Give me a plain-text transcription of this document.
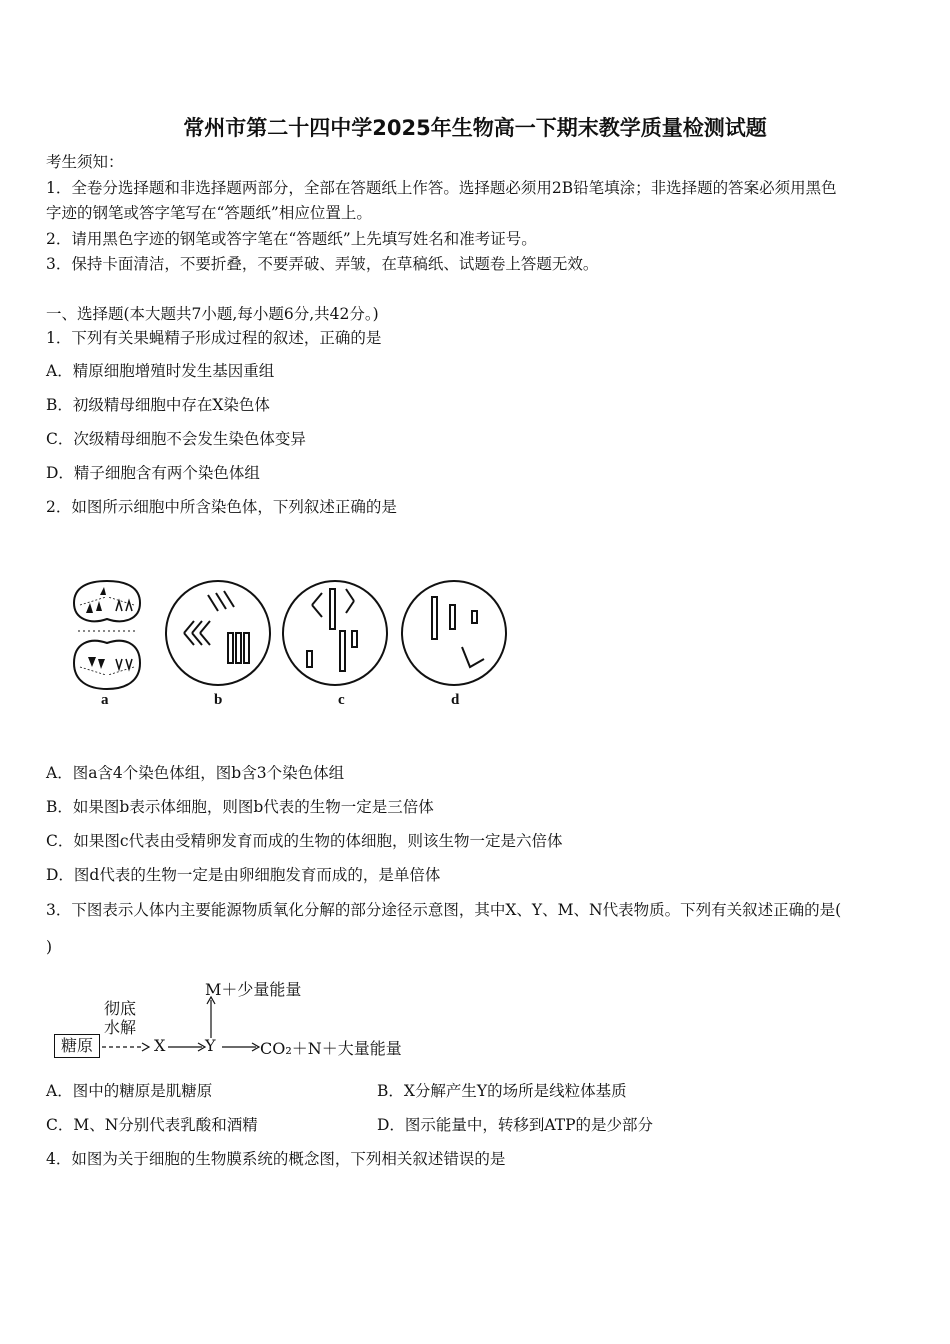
常州市第二十四中学2025年生物高一下期末教学质量检测试题
考生须知：
1．全卷分选择题和非选择题两部分，全部在答题纸上作答。选择题必须用2B铅笔填涂；非选择题的答案必须用黑色
字迹的钢笔或答字笔写在“答题纸”相应位置上。
2．请用黑色字迹的钢笔或答字笔在“答题纸”上先填写姓名和准考证号。
3．保持卡面清洁，不要折叠，不要弄破、弄皱，在草稿纸、试题卷上答题无效。
一、选择题(本大题共7小题,每小题6分,共42分。)
1．下列有关果蝇精子形成过程的叙述，正确的是
A．精原细胞增殖时发生基因重组
B．初级精母细胞中存在X染色体
C．次级精母细胞不会发生染色体变异
D．精子细胞含有两个染色体组
2．如图所示细胞中所含染色体，下列叙述正确的是
a	b	c	d
A．图a含4个染色体组，图b含3个染色体组
B．如果图b表示体细胞，则图b代表的生物一定是三倍体
C．如果图c代表由受精卵发育而成的生物的体细胞，则该生物一定是六倍体
D．图d代表的生物一定是由卵细胞发育而成的，是单倍体
3．下图表示人体内主要能源物质氧化分解的部分途径示意图，其中X、Y、M、N代表物质。下列有关叙述正确的是(
)
糖原
彻底
水解
X Y
M＋少量能量
CO₂＋N＋大量能量
A．图中的糖原是肌糖原	B．X分解产生Y的场所是线粒体基质
C．M、N分别代表乳酸和酒精	D．图示能量中，转移到ATP的是少部分
4．如图为关于细胞的生物膜系统的概念图，下列相关叙述错误的是
